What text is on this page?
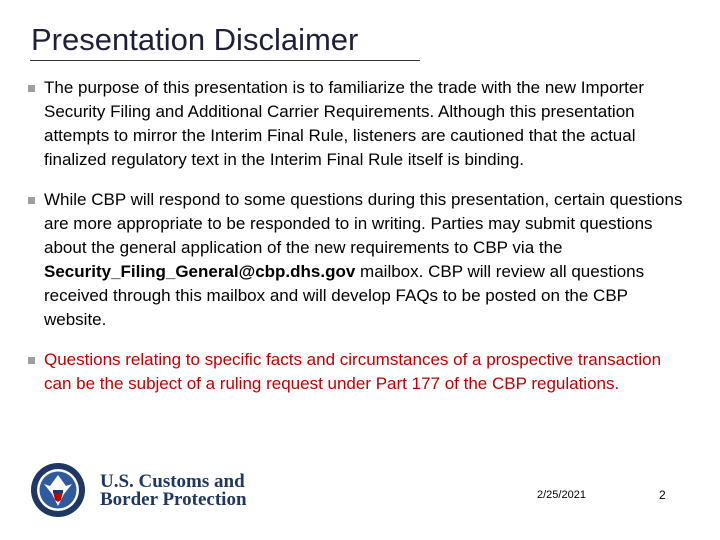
Presentation Disclaimer
The purpose of this presentation is to familiarize the trade with the new Importer Security Filing and Additional Carrier Requirements. Although this presentation attempts to mirror the Interim Final Rule, listeners are cautioned that the actual finalized regulatory text in the Interim Final Rule itself is binding.
While CBP will respond to some questions during this presentation, certain questions are more appropriate to be responded to in writing. Parties may submit questions about the general application of the new requirements to CBP via the Security_Filing_General@cbp.dhs.gov mailbox. CBP will review all questions received through this mailbox and will develop FAQs to be posted on the CBP website.
Questions relating to specific facts and circumstances of a prospective transaction can be the subject of a ruling request under Part 177 of the CBP regulations.
U.S. Customs and
Border Protection	2/25/2021	2
